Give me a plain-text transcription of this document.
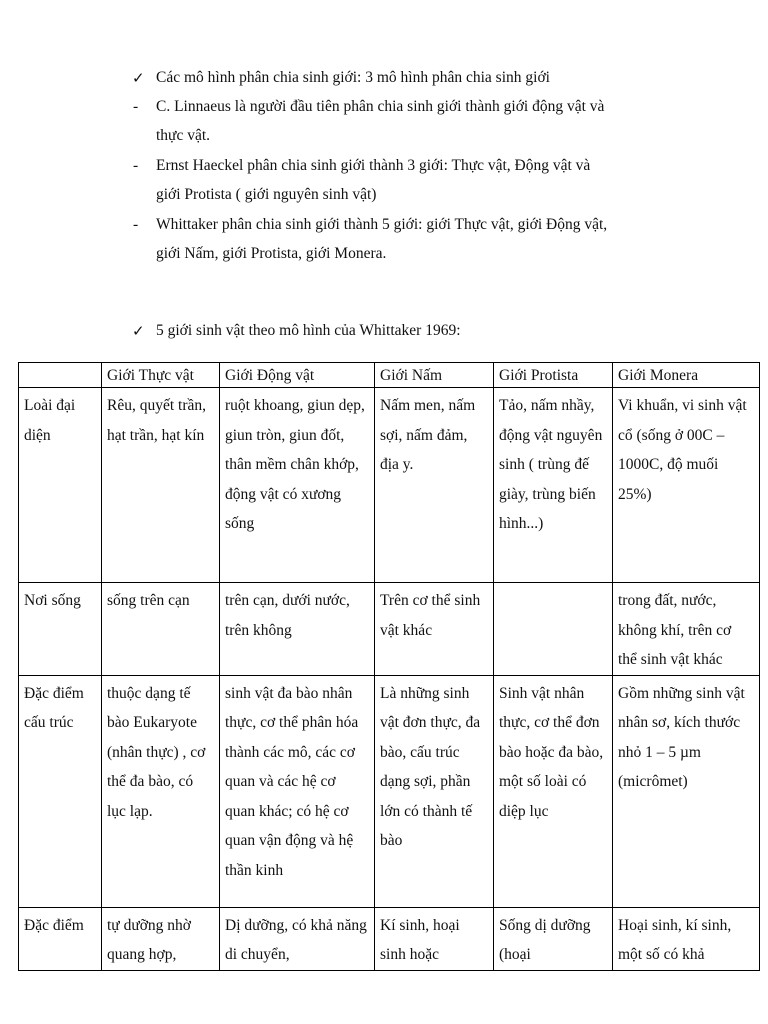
✓ Các mô hình phân chia sinh giới: 3 mô hình phân chia sinh giới
- C. Linnaeus là người đầu tiên phân chia sinh giới thành giới động vật và
thực vật.
- Ernst Haeckel phân chia sinh giới thành 3 giới: Thực vật, Động vật và
giới Protista ( giới nguyên sinh vật)
- Whittaker phân chia sinh giới thành 5 giới: giới Thực vật, giới Động vật,
giới Nấm, giới Protista, giới Monera.
✓ 5 giới sinh vật theo mô hình của Whittaker 1969:
	Giới Thực vật	Giới Động vật	Giới Nấm	Giới Protista	Giới Monera
Loài đại diện	Rêu, quyết trần, hạt trần, hạt kín	ruột khoang, giun dẹp, giun tròn, giun đốt, thân mềm chân khớp, động vật có xương sống	Nấm men, nấm sợi, nấm đảm, địa y.	Tảo, nấm nhầy, động vật nguyên sinh ( trùng đế giày, trùng biến hình...)	Vi khuẩn, vi sinh vật cổ (sống ở 00C – 1000C, độ muối 25%)
Nơi sống	sống trên cạn	trên cạn, dưới nước, trên không	Trên cơ thể sinh vật khác		trong đất, nước, không khí, trên cơ thể sinh vật khác
Đặc điểm cấu trúc	thuộc dạng tế bào Eukaryote (nhân thực) , cơ thể đa bào, có lục lạp.	sinh vật đa bào nhân thực, cơ thể phân hóa thành các mô, các cơ quan và các hệ cơ quan khác; có hệ cơ quan vận động và hệ thần kinh	Là những sinh vật đơn thực, đa bào, cấu trúc dạng sợi, phần lớn có thành tế bào	Sinh vật nhân thực, cơ thể đơn bào hoặc đa bào, một số loài có diệp lục	Gồm những sinh vật nhân sơ, kích thước nhỏ 1 – 5 µm (micrômet)
Đặc điểm	tự dưỡng nhờ quang hợp,	Dị dưỡng, có khả năng di chuyển,	Kí sinh, hoại sinh hoặc	Sống dị dưỡng (hoại	Hoại sinh, kí sinh, một số có khả
